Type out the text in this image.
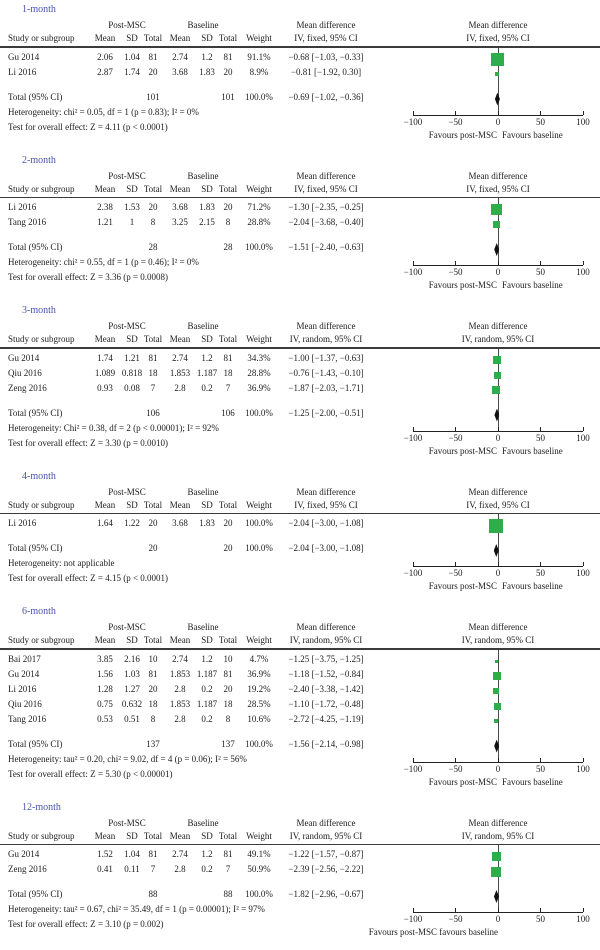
1-month
Post-MSC	Baseline	Mean difference	Mean difference
Study or subgroup	Mean	SD Total Mean	SD Total Weight	IV, fixed, 95% CI	IV, fixed, 95% CI
Gu 2014	2.06	1.04 81	2.74	1.2	81	91.1%	−0.68 [−1.03, −0.33]
Li 2016	2.87	1.74 20	3.68	1.83 20	8.9%	−0.81 [−1.92, 0.30]
Total (95% CI)	101	101	100.0%	−0.69 [−1.02, −0.36]
Heterogeneity: chi² = 0.05, df = 1 (p = 0.83); I² = 0%
Test for overall effect: Z = 4.11 (p < 0.0001)	−100	−50	0	50	100
Favours post-MSC Favours baseline
2-month
Post-MSC	Baseline	Mean difference	Mean difference
Study or subgroup	Mean	SD Total Mean	SD Total Weight	IV, fixed, 95% CI	IV, fixed, 95% CI
Li 2016	2.38	1.53 20	3.68	1.83 20	71.2%	−1.30 [−2.35, −0.25]
Tang 2016	1.21	1	8	3.25	2.15	8	28.8%	−2.04 [−3.68, −0.40]
Total (95% CI)	28	28	100.0%	−1.51 [−2.40, −0.63]
Heterogeneity: chi² = 0.55, df = 1 (p = 0.46); I² = 0%
Test for overall effect: Z = 3.36 (p = 0.0008)	−100	−50	0	50	100
Favours post-MSC Favours baseline
3-month
Post-MSC	Baseline	Mean difference	Mean difference
Study or subgroup	Mean	SD Total Mean	SD Total Weight	IV, random, 95% CI	IV, random, 95% CI
Gu 2014	1.74	1.21 81	2.74	1.2	81	34.3%	−1.00 [−1.37, −0.63]
Qiu 2016	1.089 0.818 18	1.853 1.187 18	28.8%	−0.76 [−1.43, −0.10]
Zeng 2016	0.93	0.08	7	2.8	0.2	7	36.9%	−1.87 [−2.03, −1.71]
Total (95% CI)	106	106	100.0%	−1.25 [−2.00, −0.51]
Heterogeneity: Chi² = 0.38, df = 2 (p < 0.00001); I² = 92%
Test for overall effect: Z = 3.30 (p = 0.0010)	−100	−50	0	50	100
Favours post-MSC Favours baseline
4-month
Post-MSC	Baseline	Mean difference	Mean difference
Study or subgroup	Mean	SD Total Mean	SD Total Weight	IV, fixed, 95% CI	IV, fixed, 95% CI
Li 2016	1.64	1.22 20	3.68	1.83 20	100.0%	−2.04 [−3.00, −1.08]
Total (95% CI)	20	20	100.0%	−2.04 [−3.00, −1.08]
Heterogeneity: not applicable
Test for overall effect: Z = 4.15 (p < 0.0001)	−100	−50	0	50	100
Favours post-MSC Favours baseline
6-month
Post-MSC	Baseline	Mean difference	Mean difference
Study or subgroup	Mean	SD Total Mean	SD Total Weight	IV, random, 95% CI	IV, random, 95% CI
Bai 2017	3.85	2.16 10	2.74	1.2	10	4.7%	−1.25 [−3.75, −1.25]
Gu 2014	1.56	1.03 81	1.853 1.187 81	36.9%	−1.18 [−1.52, −0.84]
Li 2016	1.28	1.27 20	2.8	0.2	20	19.2%	−2.40 [−3.38, −1.42]
Qiu 2016	0.75	0.632 18	1.853 1.187 18	28.5%	−1.10 [−1.72, −0.48]
Tang 2016	0.53	0.51	8	2.8	0.2	8	10.6%	−2.72 [−4.25, −1.19]
Total (95% CI)	137	137	100.0%	−1.56 [−2.14, −0.98]
Heterogeneity: tau² = 0.20, chi² = 9.02, df = 4 (p = 0.06); I² = 56%
Test for overall effect: Z = 5.30 (p < 0.00001)	−100	−50	0	50	100
Favours post-MSC Favours baseline
12-month
Post-MSC	Baseline	Mean difference	Mean difference
Study or subgroup	Mean	SD Total Mean	SD Total Weight	IV, random, 95% CI	IV, random, 95% CI
Gu 2014	1.52	1.04 81	2.74	1.2	81	49.1%	−1.22 [−1.57, −0.87]
Zeng 2016	0.41	0.11	7	2.8	0.2	7	50.9%	−2.39 [−2.56, −2.22]
Total (95% CI)	88	88	100.0%	−1.82 [−2.96, −0.67]
Heterogeneity: tau² = 0.67, chi² = 35.49, df = 1 (p = 0.00001); I² = 97%
Test for overall effect: Z = 3.10 (p = 0.002)	−100	−50	0	50	100
Favours post-MSC favours baseline
